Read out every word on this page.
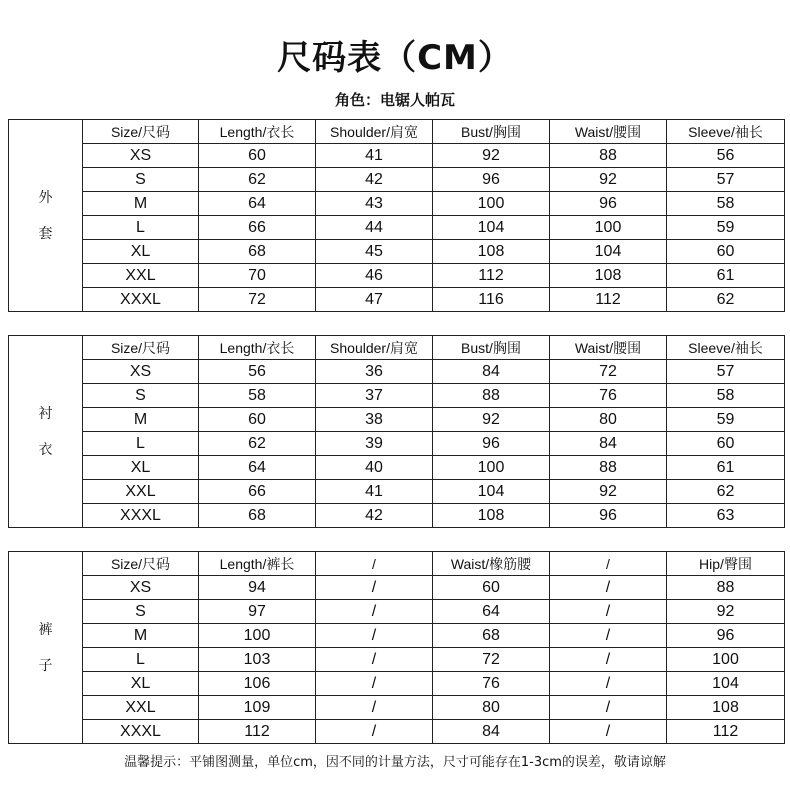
尺码表（CM）
角色：电锯人帕瓦
外
套	Size/尺码	Length/衣长	Shoulder/肩宽	Bust/胸围	Waist/腰围	Sleeve/袖长
	XS	60	41	92	88	56
	S	62	42	96	92	57
	M	64	43	100	96	58
	L	66	44	104	100	59
	XL	68	45	108	104	60
	XXL	70	46	112	108	61
	XXXL	72	47	116	112	62
衬
衣	Size/尺码	Length/衣长	Shoulder/肩宽	Bust/胸围	Waist/腰围	Sleeve/袖长
	XS	56	36	84	72	57
	S	58	37	88	76	58
	M	60	38	92	80	59
	L	62	39	96	84	60
	XL	64	40	100	88	61
	XXL	66	41	104	92	62
	XXXL	68	42	108	96	63
裤
子	Size/尺码	Length/裤长	/	Waist/橡筋腰	/	Hip/臀围
	XS	94	/	60	/	88
	S	97	/	64	/	92
	M	100	/	68	/	96
	L	103	/	72	/	100
	XL	106	/	76	/	104
	XXL	109	/	80	/	108
	XXXL	112	/	84	/	112
温馨提示：平铺图测量，单位cm，因不同的计量方法，尺寸可能存在1-3cm的误差，敬请谅解
